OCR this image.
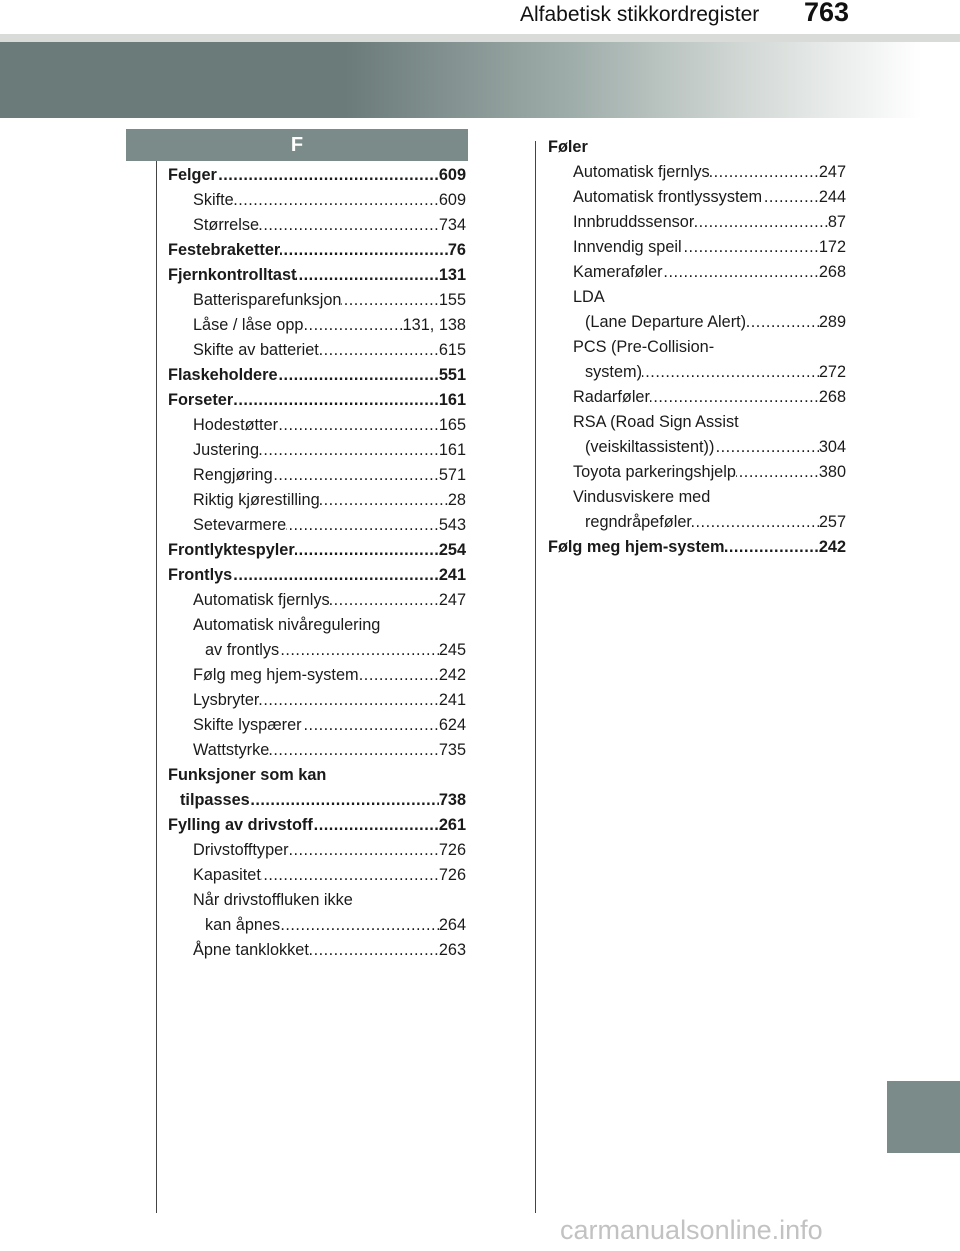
Alfabetisk stikkordregister 763
F
Felger	609
.....
Skifte	609
.....
Størrelse	734
.....
Festebraketter	76
.....
Fjernkontrolltast	131
.....
Batterisparefunksjon	155
.....
Låse / låse opp	131, 138
.....
Skifte av batteriet	615
.....
Flaskeholdere	551
.....
Forseter	161
.....
Hodestøtter	165
.....
Justering	161
.....
Rengjøring	571
.....
Riktig kjørestilling	28
.....
Setevarmere	543
.....
Frontlyktespyler	254
.....
Frontlys	241
.....
Automatisk fjernlys	247
.....
Automatisk nivåregulering
av frontlys	245
.....
Følg meg hjem-system	242
.....
Lysbryter	241
.....
Skifte lyspærer	624
.....
Wattstyrke	735
.....
Funksjoner som kan
tilpasses	738
.....
Fylling av drivstoff	261
.....
Drivstofftyper	726
.....
Kapasitet	726
.....
Når drivstoffluken ikke
kan åpnes	264
.....
Åpne tanklokket	263
.....
Føler
Automatisk fjernlys	247
.....
Automatisk frontlyssystem	244
.....
Innbruddssensor	87
.....
Innvendig speil	172
.....
Kameraføler	268
.....
LDA
(Lane Departure Alert)	289
.....
PCS (Pre-Collision-
system)	272
.....
Radarføler	268
.....
RSA (Road Sign Assist
(veiskiltassistent))	304
.....
Toyota parkeringshjelp	380
.....
Vindusviskere med
regndråpeføler	257
.....
Følg meg hjem-system	242
.....
carmanualsonline.info
